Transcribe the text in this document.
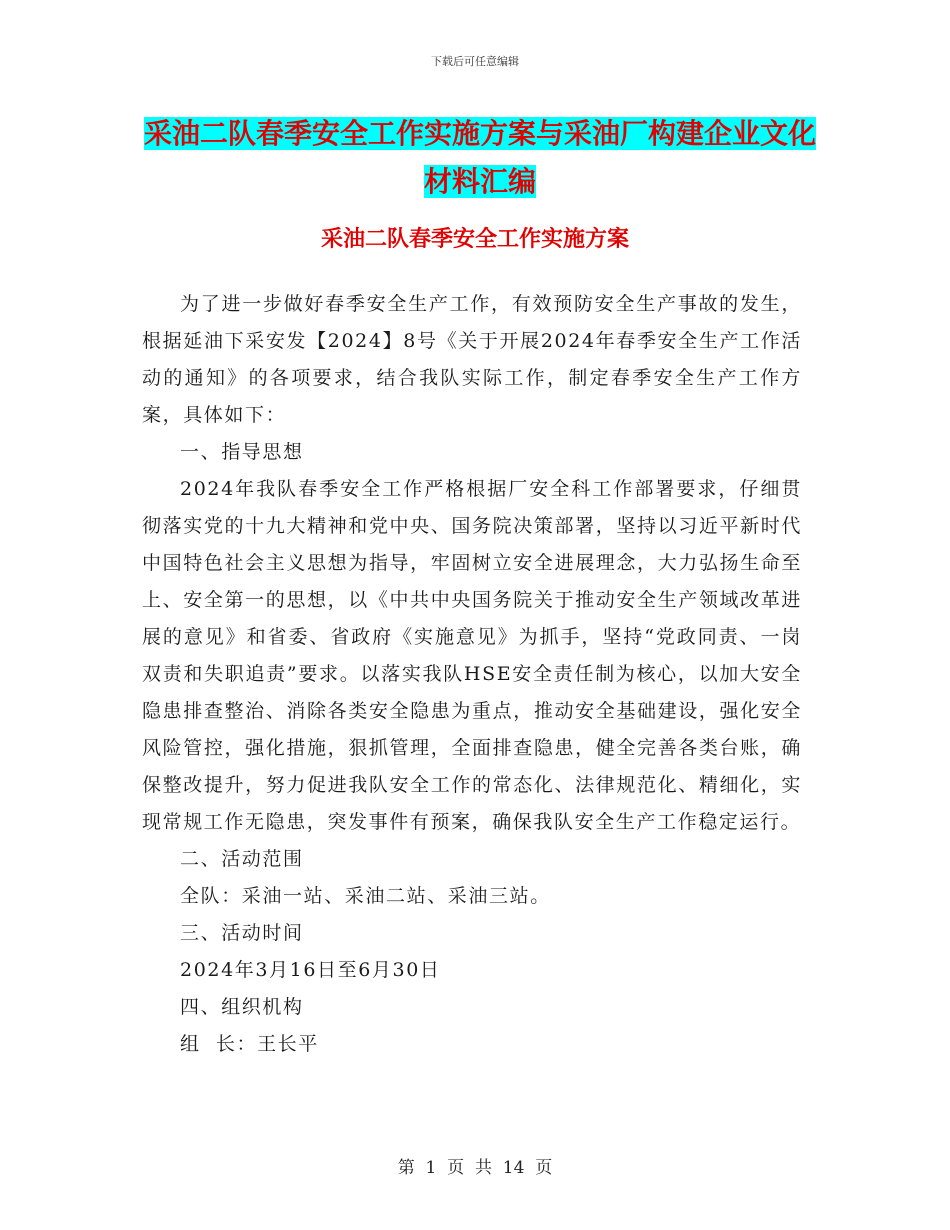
下载后可任意编辑
采油二队春季安全工作实施方案与采油厂构建企业文化材料汇编
采油二队春季安全工作实施方案

为了进一步做好春季安全生产工作，有效预防安全生产事故的发生，根据延油下采安发【2024】8号《关于开展2024年春季安全生产工作活动的通知》的各项要求，结合我队实际工作，制定春季安全生产工作方案，具体如下：

一、指导思想

2024年我队春季安全工作严格根据厂安全科工作部署要求，仔细贯彻落实党的十九大精神和党中央、国务院决策部署，坚持以习近平新时代中国特色社会主义思想为指导，牢固树立安全进展理念，大力弘扬生命至上、安全第一的思想，以《中共中央国务院关于推动安全生产领域改革进展的意见》和省委、省政府《实施意见》为抓手，坚持“党政同责、一岗双责和失职追责”要求。以落实我队HSE安全责任制为核心，以加大安全隐患排查整治、消除各类安全隐患为重点，推动安全基础建设，强化安全风险管控，强化措施，狠抓管理，全面排查隐患，健全完善各类台账，确保整改提升，努力促进我队安全工作的常态化、法律规范化、精细化，实现常规工作无隐患，突发事件有预案，确保我队安全生产工作稳定运行。

二、活动范围

全队：采油一站、采油二站、采油三站。

三、活动时间

2024年3月16日至6月30日

四、组织机构

组  长：王长平

第  1  页  共  14  页
